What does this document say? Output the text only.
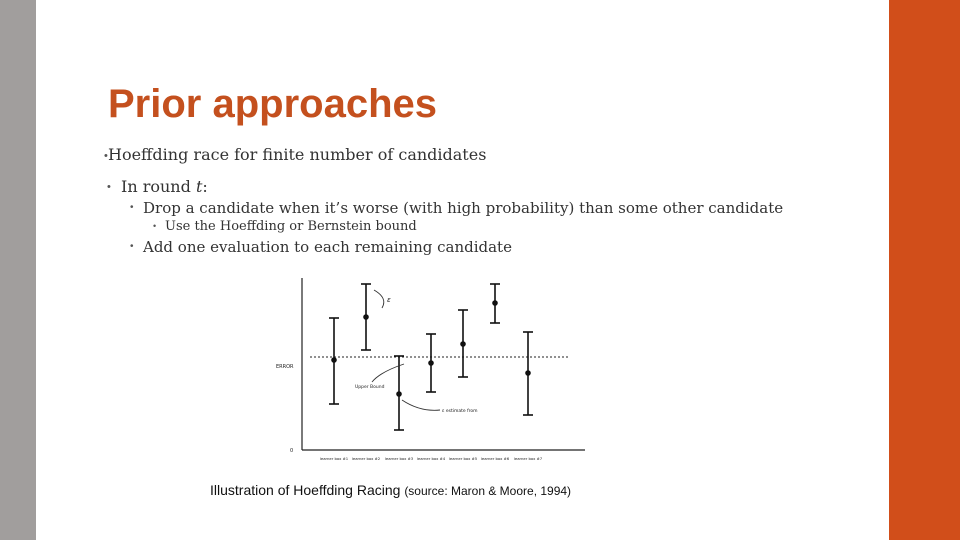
Prior approaches
• Hoeffding race for finite number of candidates
• In round t:
• Drop a candidate when it’s worse (with high probability) than some other candidate
• Use the Hoeffding or Bernstein bound
• Add one evaluation to each remaining candidate
ERROR
0
ε
Upper Bound
ε estimate from
learner box #1 learner box #2 learner box #3 learner box #4 learner box #5 learner box #6 learner box #7
Illustration of Hoeffding Racing (source: Maron & Moore, 1994)
